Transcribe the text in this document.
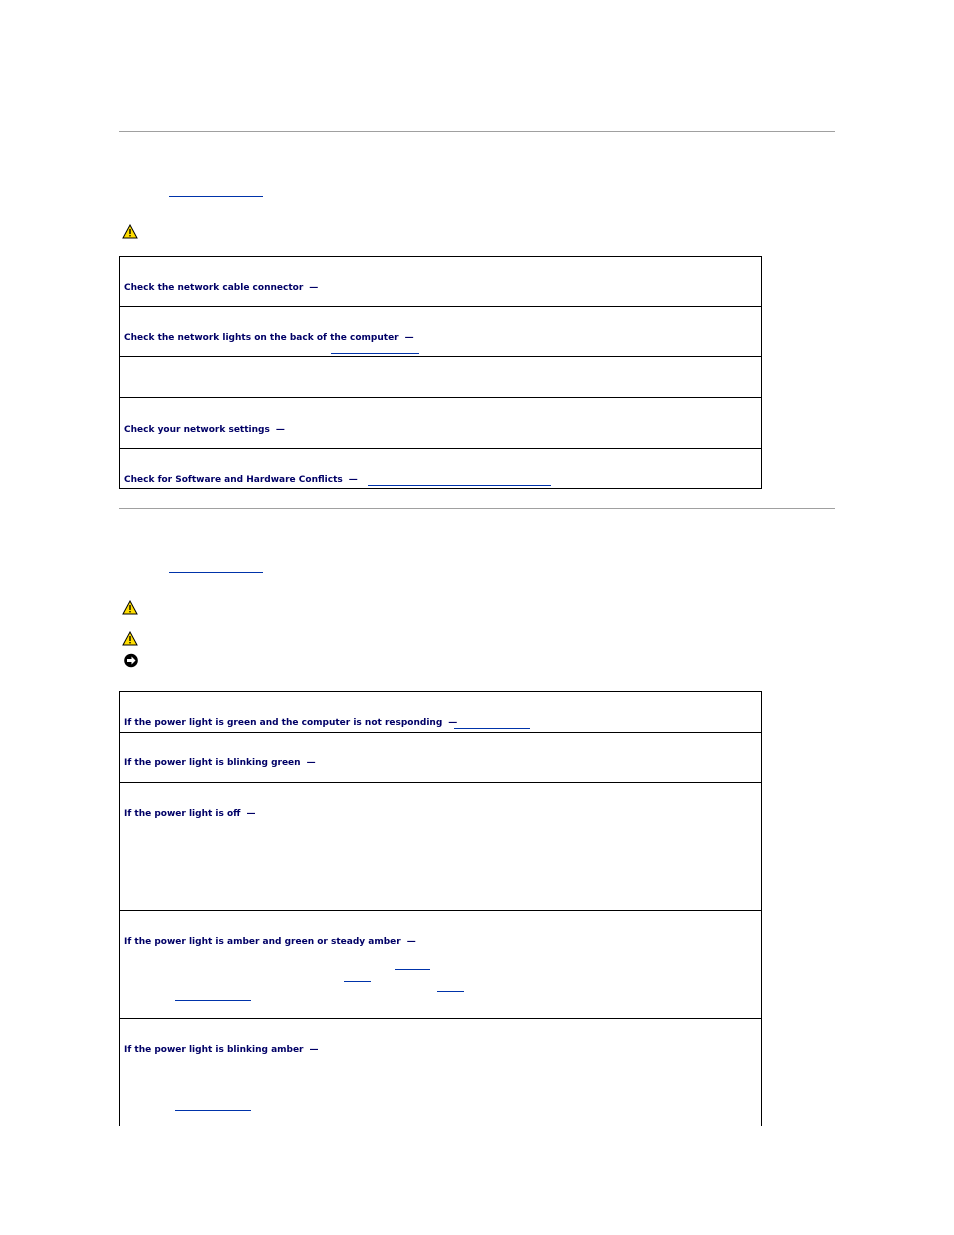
Check the network cable connector —
Check the network lights on the back of the computer —
Check your network settings —
Check for Software and Hardware Conflicts —
If the power light is green and the computer is not responding —
If the power light is blinking green —
If the power light is off —
If the power light is amber and green or steady amber —
If the power light is blinking amber —
